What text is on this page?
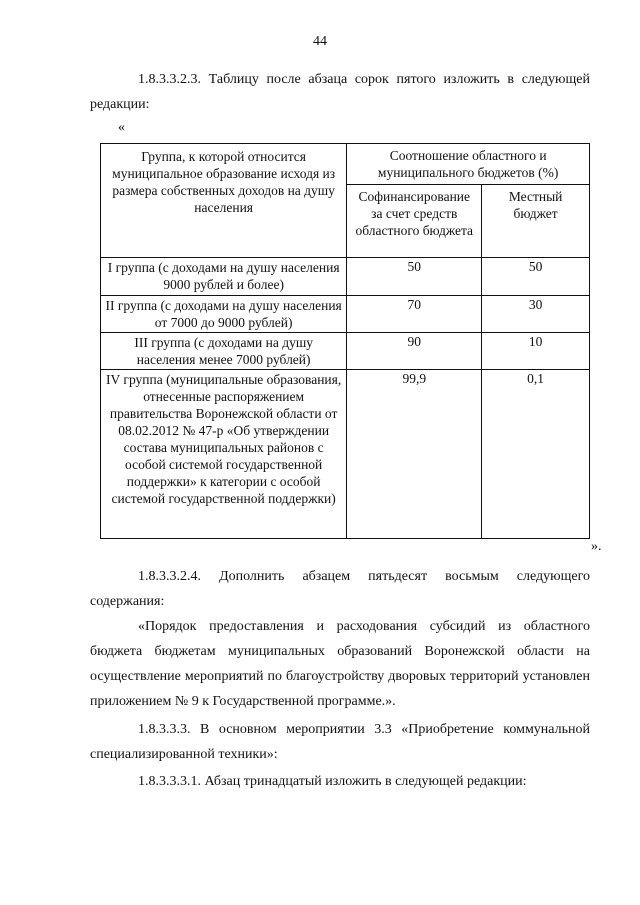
44
1.8.3.3.2.3. Таблицу после абзаца сорок пятого изложить в следующей редакции:
«
Группа, к которой относится муниципальное образование исходя из размера собственных доходов на душу населения	Соотношение областного и муниципального бюджетов (%)	
	Софинансирование за счет средств областного бюджета	Местный бюджет
I группа (с доходами на душу населения 9000 рублей и более)	50	50
II группа (с доходами на душу населения от 7000 до 9000 рублей)	70	30
III группа (с доходами на душу населения менее 7000 рублей)	90	10
IV группа (муниципальные образования, отнесенные распоряжением правительства Воронежской области от 08.02.2012 № 47-р «Об утверждении состава муниципальных районов с особой системой государственной поддержки» к категории с особой системой государственной поддержки)	99,9	0,1
».
1.8.3.3.2.4. Дополнить абзацем пятьдесят восьмым следующего содержания:
«Порядок предоставления и расходования субсидий из областного бюджета бюджетам муниципальных образований Воронежской области на осуществление мероприятий по благоустройству дворовых территорий установлен приложением № 9 к Государственной программе.».
1.8.3.3.3. В основном мероприятии 3.3 «Приобретение коммунальной специализированной техники»:
1.8.3.3.3.1. Абзац тринадцатый изложить в следующей редакции:
